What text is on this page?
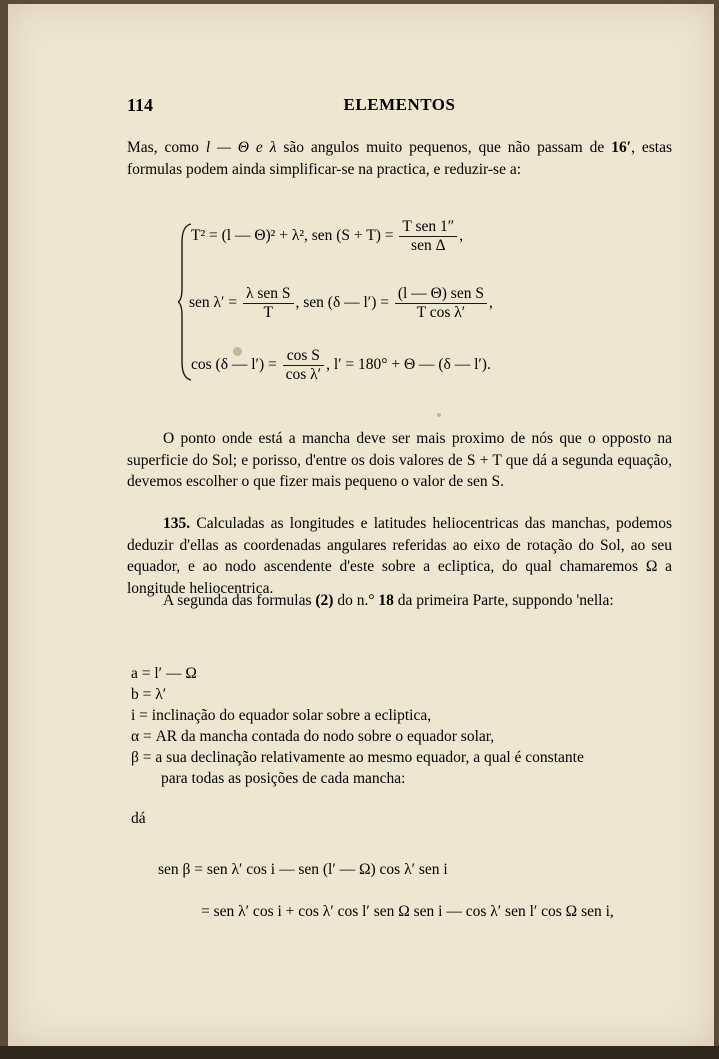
114	ELEMENTOS
Mas, como l — Θ e λ são angulos muito pequenos, que não passam de 16′, estas formulas podem ainda simplificar-se na practica, e reduzir-se a:
T² = (l — Θ)² + λ², sen $(S + T) = \frac{\text{T sen 1″}}{\text{sen Δ}}$ ,
sen $\lambda' = \frac{\text{λ sen S}}{T}$ , sen (δ — $l') = \frac{\text{(l — Θ) sen S}}{\text{T cos λ′}}$ ,
cos (δ — $l') = \frac{\text{cos S}}{\text{cos λ′}}$ , l′ = 180° + Θ — (δ — l′).
O ponto onde está a mancha deve ser mais proximo de nós que o opposto na superficie do Sol; e porisso, d'entre os dois valores de S + T que dá a segunda equação, devemos escolher o que fizer mais pequeno o valor de sen S.
135. Calculadas as longitudes e latitudes heliocentricas das manchas, podemos deduzir d'ellas as coordenadas angulares referidas ao eixo de rotação do Sol, ao seu equador, e ao nodo ascendente d'este sobre a ecliptica, do qual chamaremos Ω a longitude heliocentrica.
A segunda das formulas (2) do n.° 18 da primeira Parte, suppondo 'nella:
a = l′ — Ω
b = λ′
i = inclinação do equador solar sobre a ecliptica,
α = AR da mancha contada do nodo sobre o equador solar,
β = a sua declinação relativamente ao mesmo equador, a qual é constante
para todas as posições de cada mancha:
dá
sen β = sen λ′ cos i — sen (l′ — Ω) cos λ′ sen i
= sen λ′ cos i + cos λ′ cos l′ sen Ω sen i — cos λ′ sen l′ cos Ω sen i,
